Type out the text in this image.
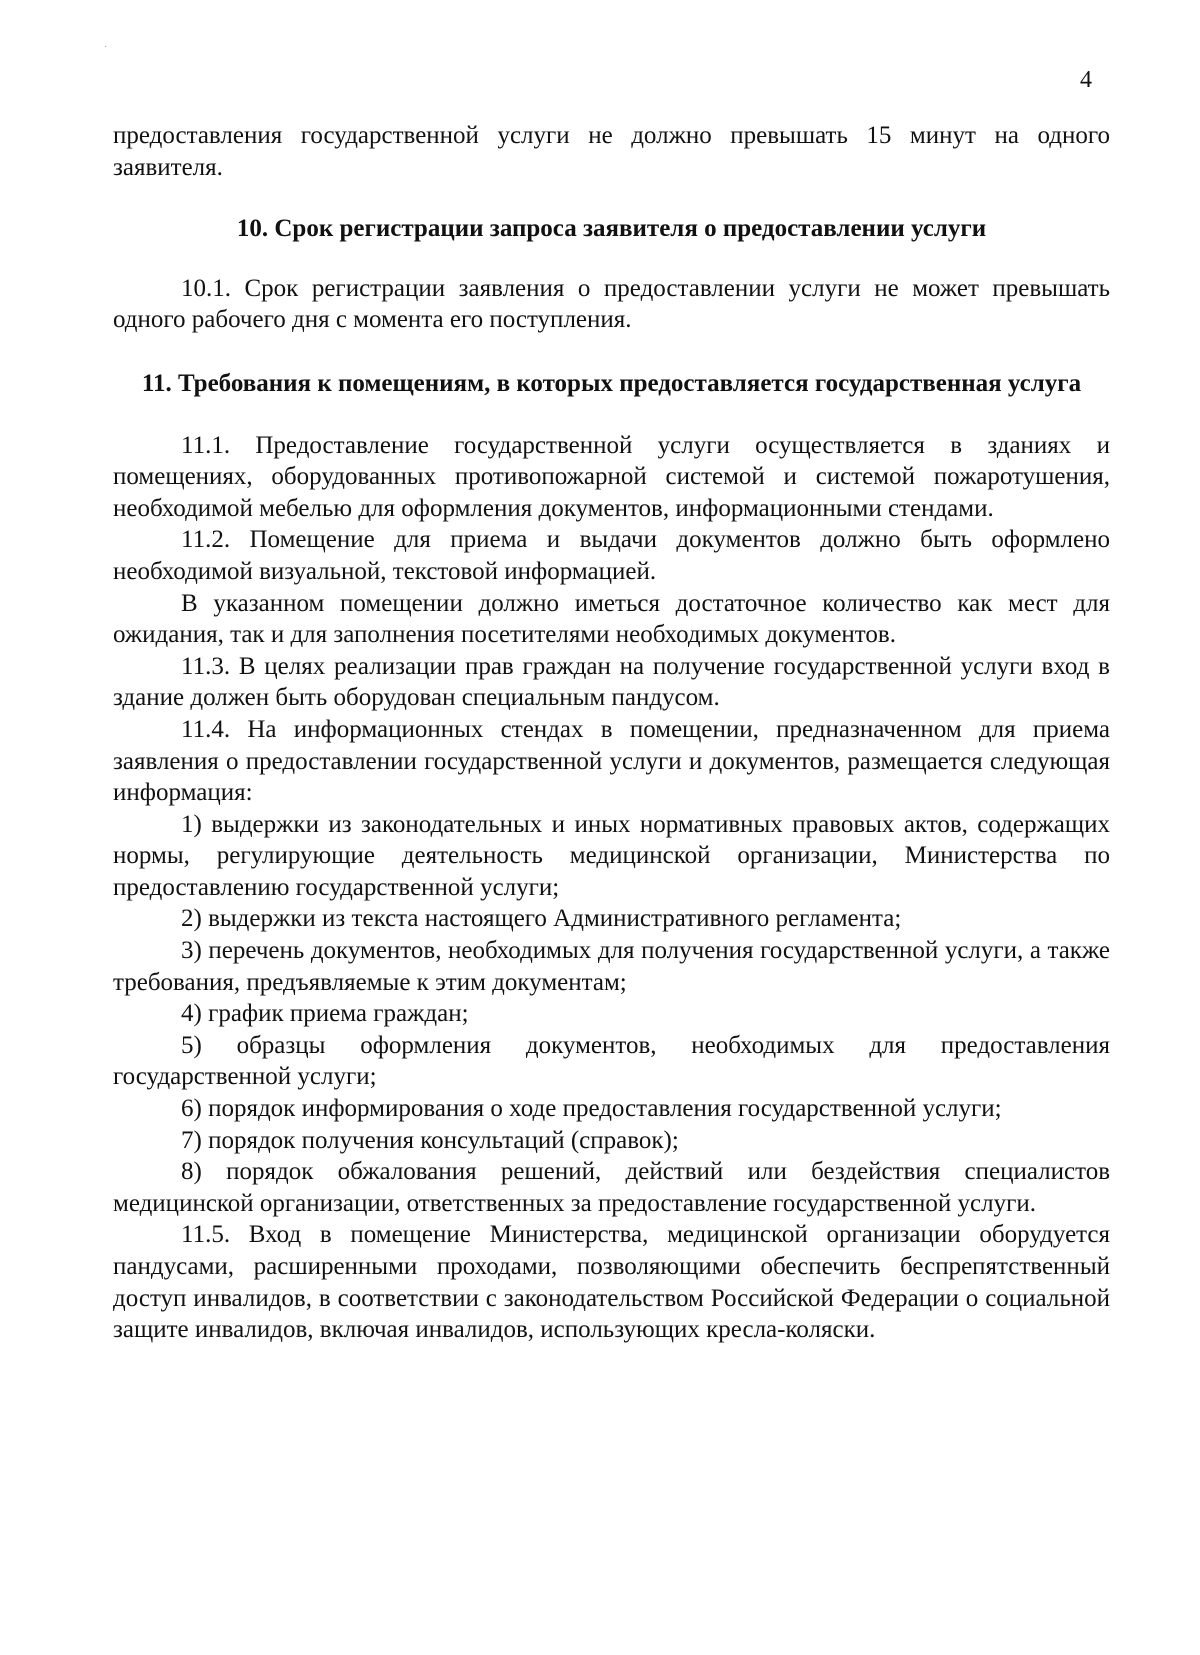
·
4

предоставления государственной услуги не должно превышать 15 минут на одного заявителя.

10. Срок регистрации запроса заявителя о предоставлении услуги

10.1. Срок регистрации заявления о предоставлении услуги не может превышать одного рабочего дня с момента его поступления.

11. Требования к помещениям, в которых предоставляется государственная услуга

11.1. Предоставление государственной услуги осуществляется в зданиях и помещениях, оборудованных противопожарной системой и системой пожаротушения, необходимой мебелью для оформления документов, информационными стендами.

11.2. Помещение для приема и выдачи документов должно быть оформлено необходимой визуальной, текстовой информацией.

В указанном помещении должно иметься достаточное количество как мест для ожидания, так и для заполнения посетителями необходимых документов.

11.3. В целях реализации прав граждан на получение государственной услуги вход в здание должен быть оборудован специальным пандусом.

11.4. На информационных стендах в помещении, предназначенном для приема заявления о предоставлении государственной услуги и документов, размещается следующая информация:

1) выдержки из законодательных и иных нормативных правовых актов, содержащих нормы, регулирующие деятельность медицинской организации, Министерства по предоставлению государственной услуги;

2) выдержки из текста настоящего Административного регламента;

3) перечень документов, необходимых для получения государственной услуги, а также требования, предъявляемые к этим документам;

4) график приема граждан;

5) образцы оформления документов, необходимых для предоставления государственной услуги;

6) порядок информирования о ходе предоставления государственной услуги;

7) порядок получения консультаций (справок);

8) порядок обжалования решений, действий или бездействия специалистов медицинской организации, ответственных за предоставление государственной услуги.

11.5. Вход в помещение Министерства, медицинской организации оборудуется пандусами, расширенными проходами, позволяющими обеспечить беспрепятственный доступ инвалидов, в соответствии с законодательством Российской Федерации о социальной защите инвалидов, включая инвалидов, использующих кресла-коляски.
